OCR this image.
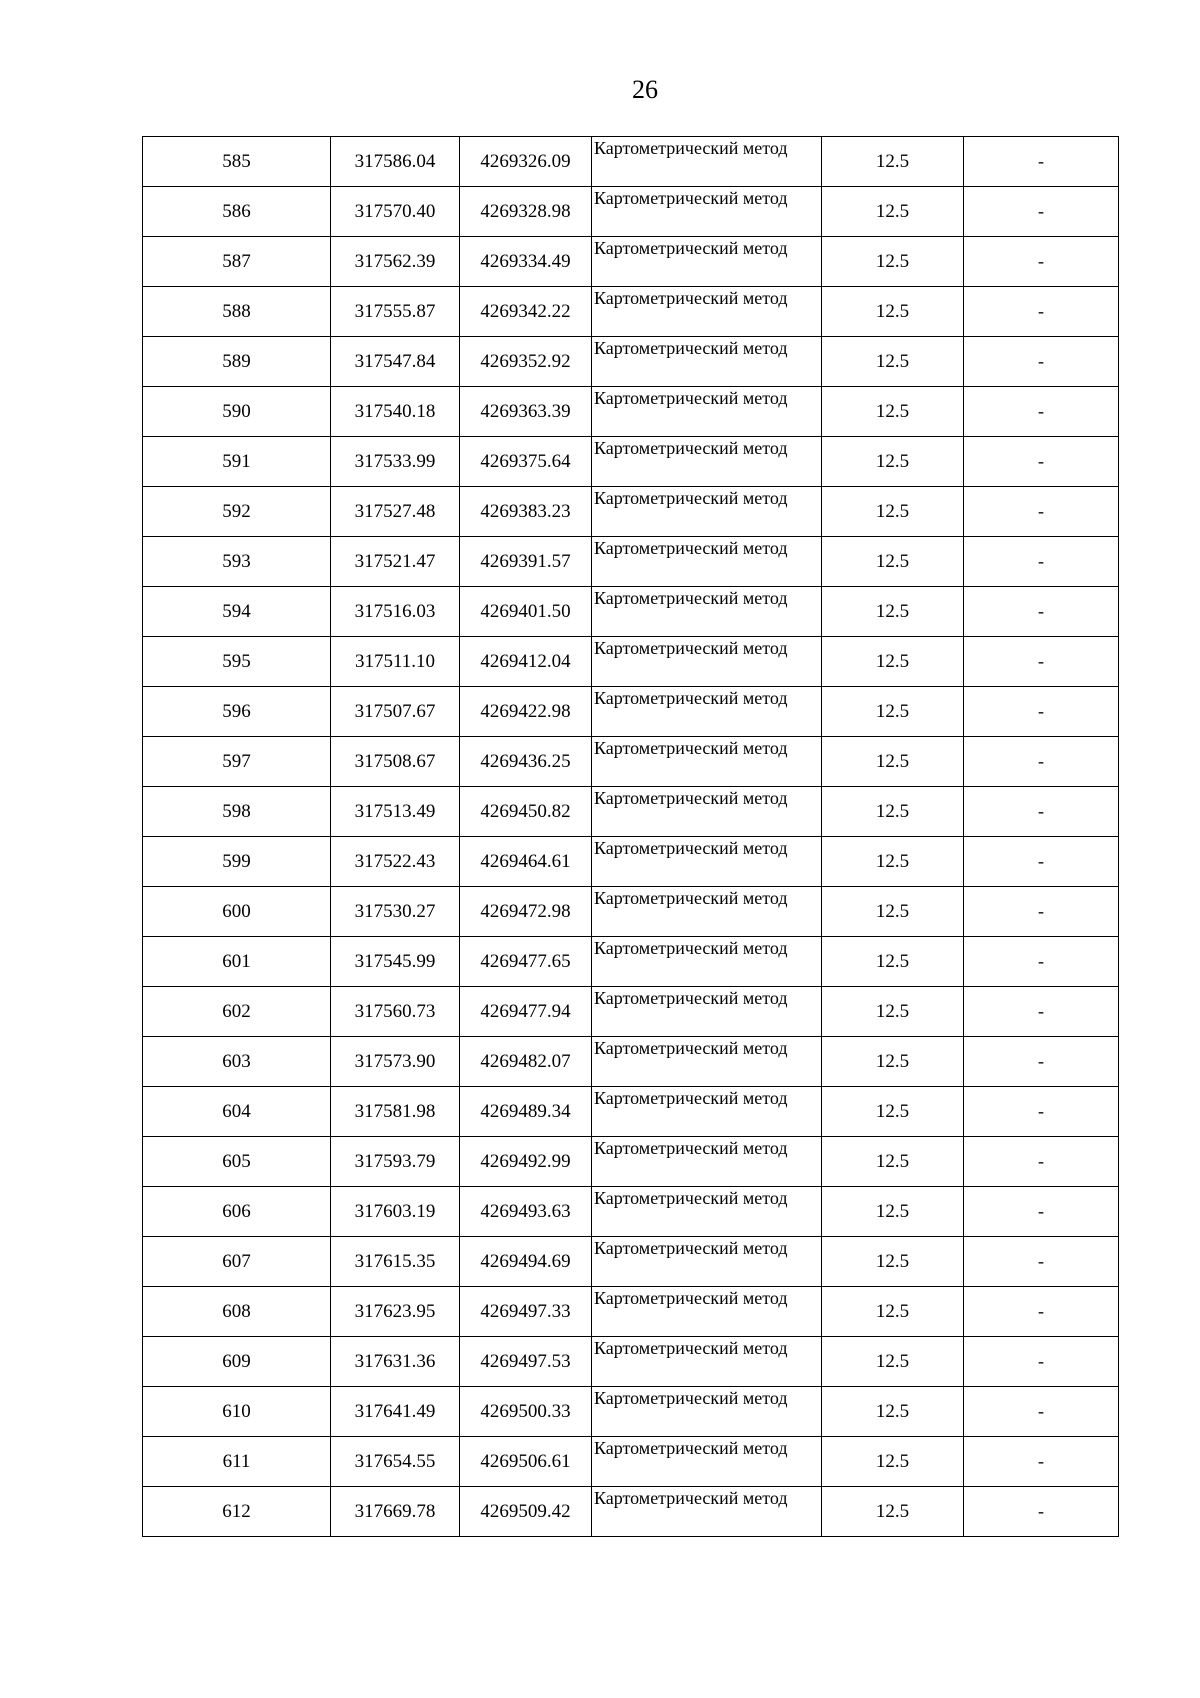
26
585	317586.04	4269326.09	Картометрический метод	12.5	-
586	317570.40	4269328.98	Картометрический метод	12.5	-
587	317562.39	4269334.49	Картометрический метод	12.5	-
588	317555.87	4269342.22	Картометрический метод	12.5	-
589	317547.84	4269352.92	Картометрический метод	12.5	-
590	317540.18	4269363.39	Картометрический метод	12.5	-
591	317533.99	4269375.64	Картометрический метод	12.5	-
592	317527.48	4269383.23	Картометрический метод	12.5	-
593	317521.47	4269391.57	Картометрический метод	12.5	-
594	317516.03	4269401.50	Картометрический метод	12.5	-
595	317511.10	4269412.04	Картометрический метод	12.5	-
596	317507.67	4269422.98	Картометрический метод	12.5	-
597	317508.67	4269436.25	Картометрический метод	12.5	-
598	317513.49	4269450.82	Картометрический метод	12.5	-
599	317522.43	4269464.61	Картометрический метод	12.5	-
600	317530.27	4269472.98	Картометрический метод	12.5	-
601	317545.99	4269477.65	Картометрический метод	12.5	-
602	317560.73	4269477.94	Картометрический метод	12.5	-
603	317573.90	4269482.07	Картометрический метод	12.5	-
604	317581.98	4269489.34	Картометрический метод	12.5	-
605	317593.79	4269492.99	Картометрический метод	12.5	-
606	317603.19	4269493.63	Картометрический метод	12.5	-
607	317615.35	4269494.69	Картометрический метод	12.5	-
608	317623.95	4269497.33	Картометрический метод	12.5	-
609	317631.36	4269497.53	Картометрический метод	12.5	-
610	317641.49	4269500.33	Картометрический метод	12.5	-
611	317654.55	4269506.61	Картометрический метод	12.5	-
612	317669.78	4269509.42	Картометрический метод	12.5	-
